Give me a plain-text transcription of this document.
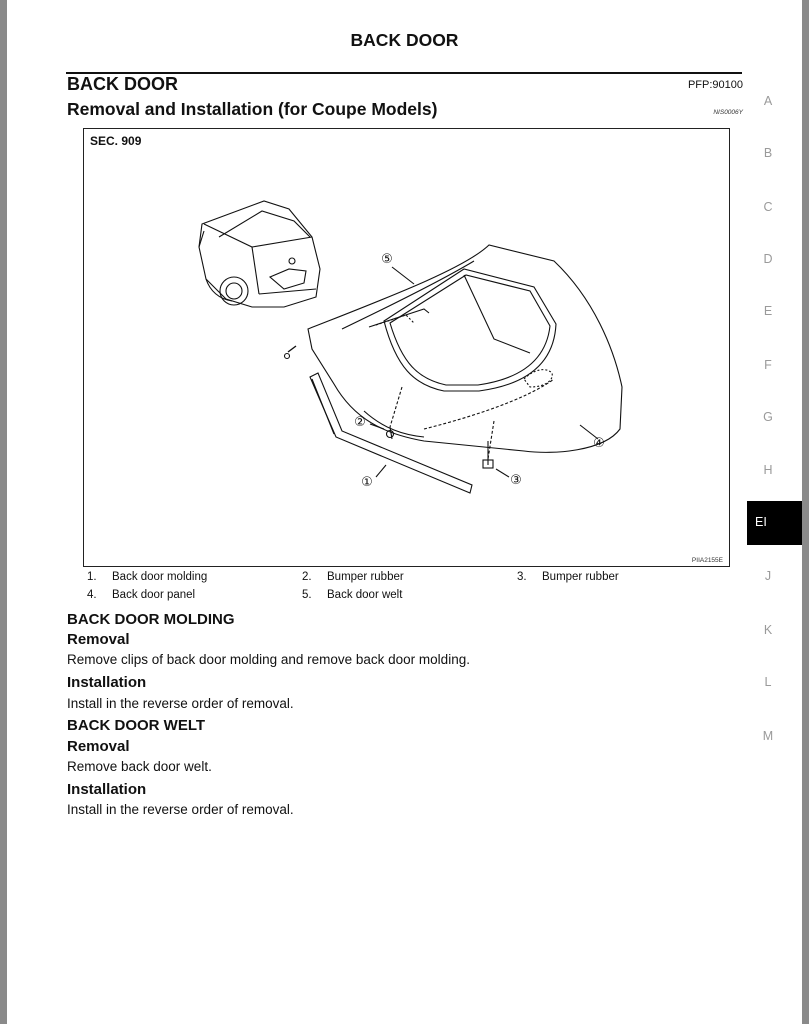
BACK DOOR
BACK DOOR	PFP:90100
Removal and Installation (for Coupe Models)	NIS0006Y
SEC. 909
⑤
②
①	③
④
PIIA2155E
1. Back door molding	2. Bumper rubber	3. Bumper rubber
4. Back door panel	5. Back door welt
BACK DOOR MOLDING
Removal

Remove clips of back door molding and remove back door molding.

Installation

Install in the reverse order of removal.

BACK DOOR WELT
Removal

Remove back door welt.

Installation

Install in the reverse order of removal.

A
B
C
D
E
F
G
H
EI
J
K
L
M
